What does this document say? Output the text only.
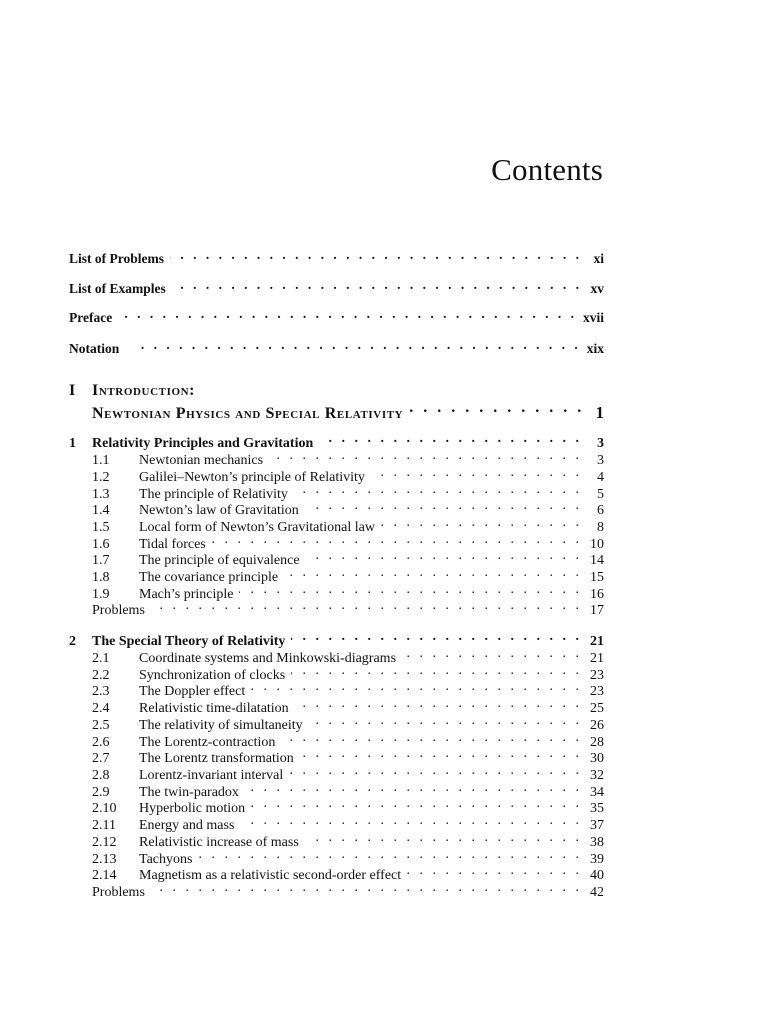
Contents
List of Problems . . .	xi
List of Examples . . .	xv
Preface . . .	xvii
Notation . . .	xix
I Introduction:
Newtonian Physics and Special Relativity . . .	1
1	Relativity Principles and Gravitation . . .	3
1.1	Newtonian mechanics . . .	3
1.2	Galilei–Newton’s principle of Relativity . . .	4
1.3	The principle of Relativity . . .	5
1.4	Newton’s law of Gravitation . . .	6
1.5	Local form of Newton’s Gravitational law . . .	8
1.6	Tidal forces . . .	10
1.7	The principle of equivalence . . .	14
1.8	The covariance principle . . .	15
1.9	Mach’s principle . . .	16
Problems . . .	17
2	The Special Theory of Relativity . . .	21
2.1	Coordinate systems and Minkowski-diagrams . . .	21
2.2	Synchronization of clocks . . .	23
2.3	The Doppler effect . . .	23
2.4	Relativistic time-dilatation . . .	25
2.5	The relativity of simultaneity . . .	26
2.6	The Lorentz-contraction . . .	28
2.7	The Lorentz transformation . . .	30
2.8	Lorentz-invariant interval . . .	32
2.9	The twin-paradox . . .	34
2.10	Hyperbolic motion . . .	35
2.11	Energy and mass . . .	37
2.12	Relativistic increase of mass . . .	38
2.13	Tachyons . . .	39
2.14	Magnetism as a relativistic second-order effect . . .	40
Problems . . .	42
